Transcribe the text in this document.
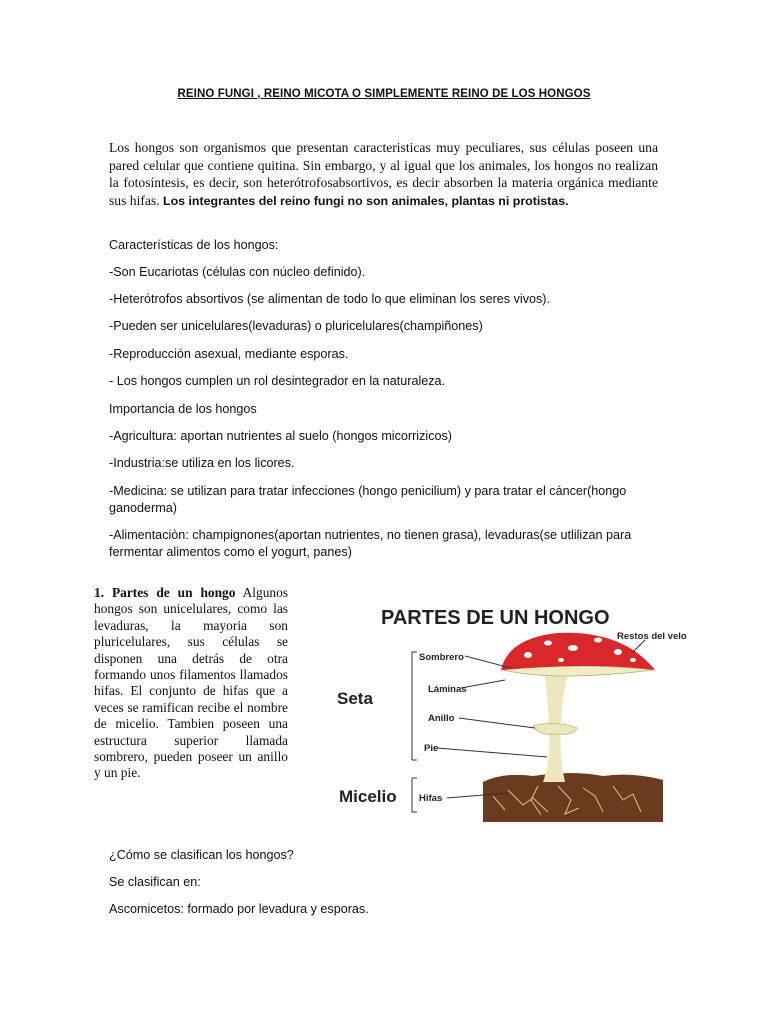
REINO FUNGI , REINO MICOTA O SIMPLEMENTE REINO DE LOS HONGOS
Los hongos son organismos que presentan caracteristicas muy peculiares, sus células poseen una pared celular que contiene quitina. Sin embargo, y al igual que los animales, los hongos no realizan la fotosíntesis, es decir, son heterótrofosabsortivos, es decir absorben la materia orgánica mediante sus hifas. Los integrantes del reino fungi no son animales, plantas ni protistas.
Características de los hongos:
-Son Eucariotas (células con núcleo definido).
-Heterótrofos absortivos (se alimentan de todo lo que eliminan los seres vivos).
-Pueden ser unicelulares(levaduras) o pluricelulares(champiñones)
-Reproducción asexual, mediante esporas.
- Los hongos cumplen un rol desintegrador en la naturaleza.
Importancia de los hongos
-Agricultura: aportan nutrientes al suelo (hongos micorrizicos)
-Industria:se utiliza en los licores.
-Medicina: se utilizan para tratar infecciones (hongo penicilium) y para tratar el cáncer(hongo ganoderma)
-Alimentaciòn: champignones(aportan nutrientes, no tienen grasa), levaduras(se utlilizan para fermentar alimentos como el yogurt, panes)
1. Partes de un hongo Algunos hongos son unicelulares, como las levaduras, la mayoria son pluricelulares, sus células se disponen una detrás de otra formando unos filamentos llamados hifas. El conjunto de hifas que a veces se ramifican recibe el nombre de micelio. Tambien poseen una estructura superior llamada sombrero, pueden poseer un anillo y un pie.
PARTES DE UN HONGO
Restos del velo
Sombrero
Láminas
Anillo
Pie
Hifas
Seta
Micelio
¿Cómo se clasifican los hongos?
Se clasifican en:
Ascomicetos: formado por levadura y esporas.
